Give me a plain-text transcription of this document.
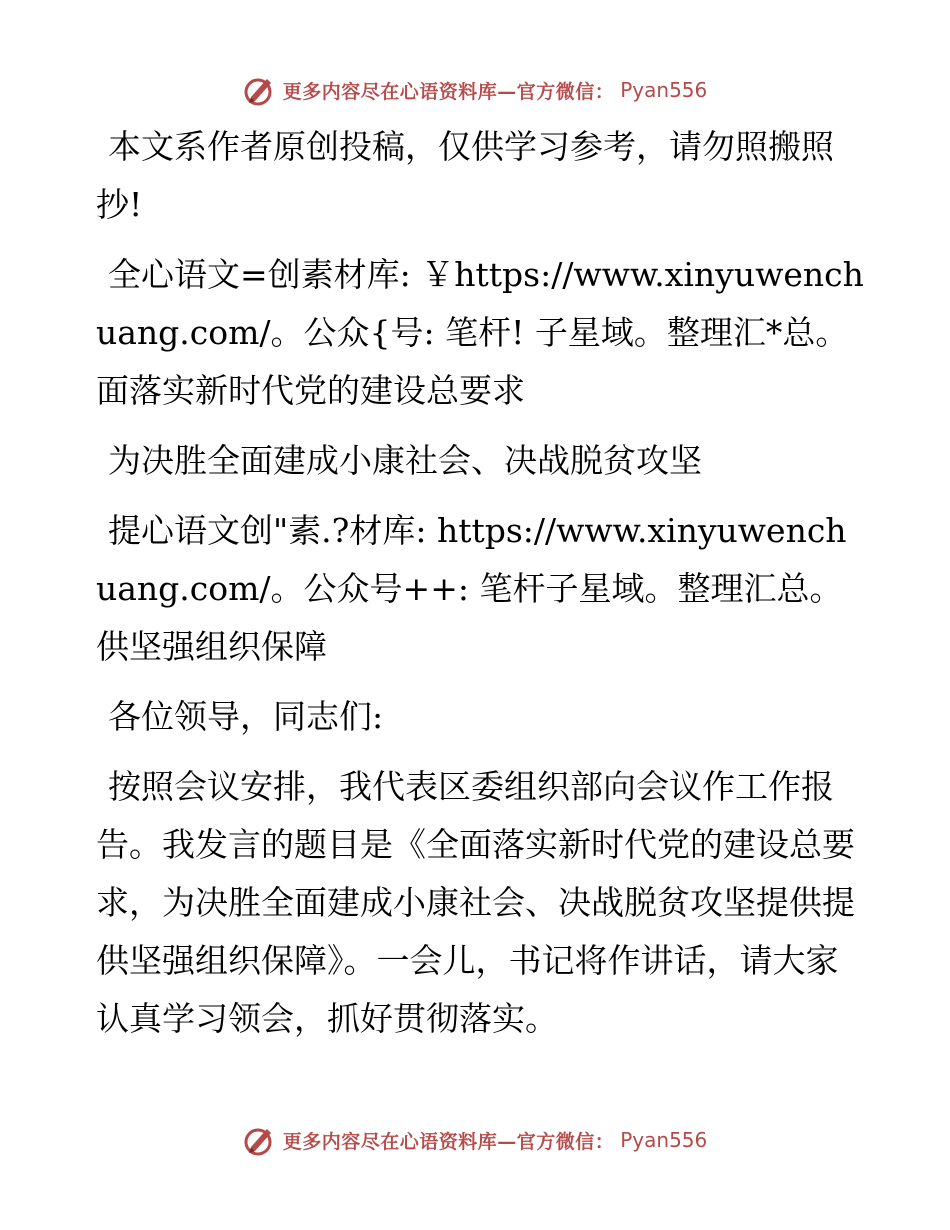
更多内容尽在心语资料库—官方微信： Pyan556

本文系作者原创投稿，仅供学习参考，请勿照搬照抄!

全心语文=创素材库: ￥https://www.xinyuwenchuang.com/。公众{号: 笔杆! 子星域。整理汇*总。面落实新时代党的建设总要求

为决胜全面建成小康社会、决战脱贫攻坚

提心语文创"素.?材库: https://www.xinyuwenchuang.com/。公众号++: 笔杆子星域。整理汇总。供坚强组织保障

各位领导，同志们:

按照会议安排，我代表区委组织部向会议作工作报告。我发言的题目是《全面落实新时代党的建设总要求，为决胜全面建成小康社会、决战脱贫攻坚提供提供坚强组织保障》。一会儿，书记将作讲话，请大家认真学习领会，抓好贯彻落实。

更多内容尽在心语资料库—官方微信： Pyan556
